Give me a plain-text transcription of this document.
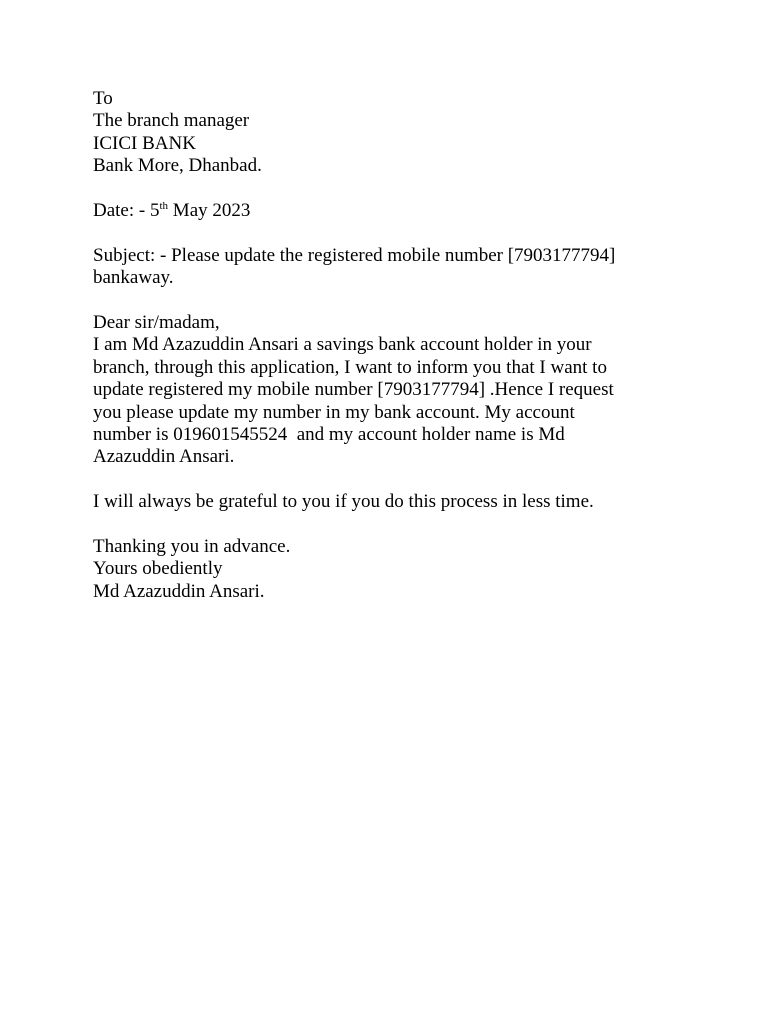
To
The branch manager
ICICI BANK
Bank More, Dhanbad.
Date: - 5th May 2023
Subject: - Please update the registered mobile number [7903177794]
bankaway.
Dear sir/madam,
I am Md Azazuddin Ansari a savings bank account holder in your
branch, through this application, I want to inform you that I want to
update registered my mobile number [7903177794] .Hence I request
you please update my number in my bank account. My account
number is 019601545524  and my account holder name is Md
Azazuddin Ansari.
I will always be grateful to you if you do this process in less time.
Thanking you in advance.
Yours obediently
Md Azazuddin Ansari.
